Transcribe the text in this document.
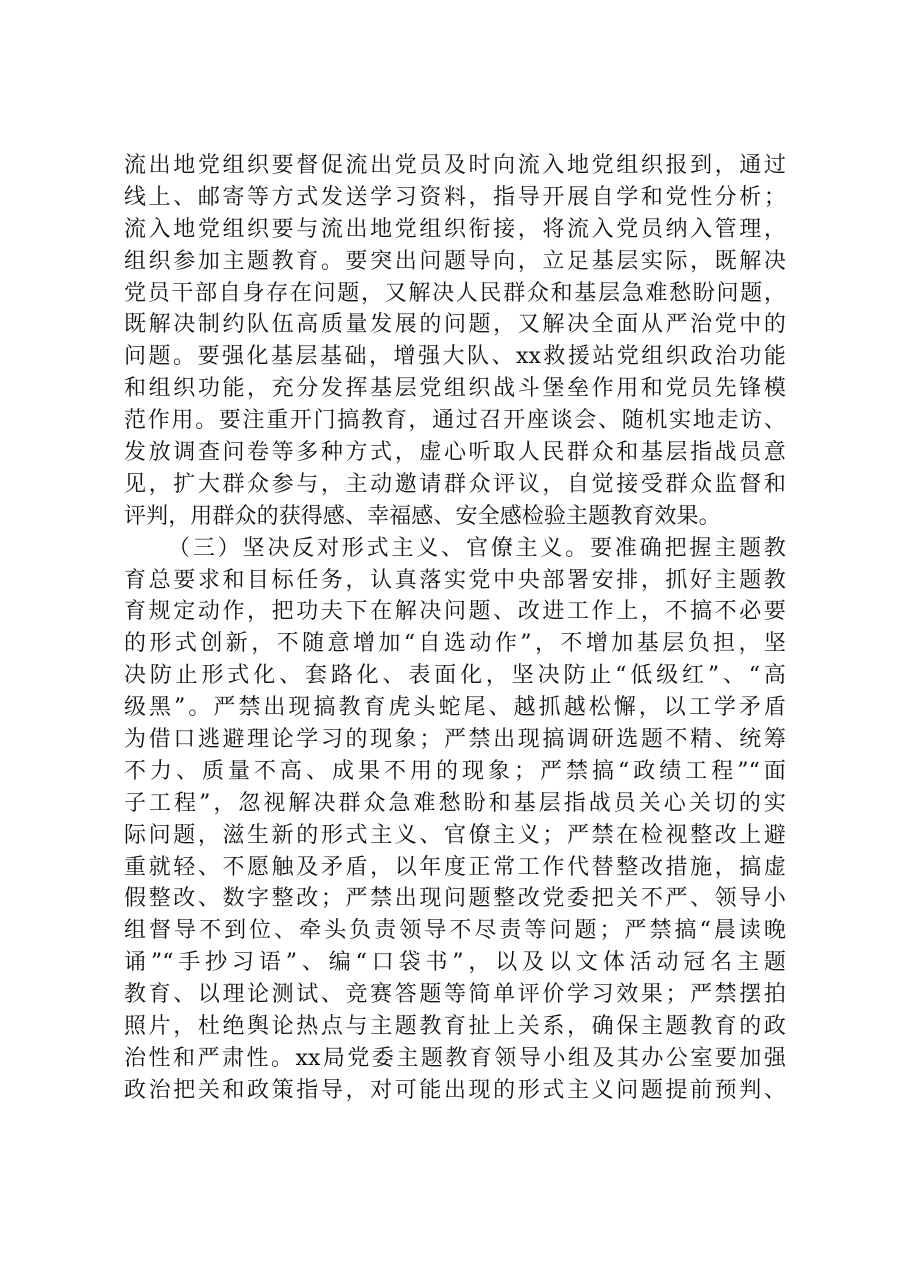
流出地党组织要督促流出党员及时向流入地党组织报到，通过
线上、邮寄等方式发送学习资料，指导开展自学和党性分析；
流入地党组织要与流出地党组织衔接，将流入党员纳入管理，
组织参加主题教育。要突出问题导向，立足基层实际，既解决
党员干部自身存在问题，又解决人民群众和基层急难愁盼问题，
既解决制约队伍高质量发展的问题，又解决全面从严治党中的
问题。要强化基层基础，增强大队、xx救援站党组织政治功能
和组织功能，充分发挥基层党组织战斗堡垒作用和党员先锋模
范作用。要注重开门搞教育，通过召开座谈会、随机实地走访、
发放调查问卷等多种方式，虚心听取人民群众和基层指战员意
见，扩大群众参与，主动邀请群众评议，自觉接受群众监督和
评判，用群众的获得感、幸福感、安全感检验主题教育效果。
（三）坚决反对形式主义、官僚主义。要准确把握主题教
育总要求和目标任务，认真落实党中央部署安排，抓好主题教
育规定动作，把功夫下在解决问题、改进工作上，不搞不必要
的形式创新，不随意增加“自选动作”，不增加基层负担，坚
决防止形式化、套路化、表面化，坚决防止“低级红”、“高
级黑”。严禁出现搞教育虎头蛇尾、越抓越松懈，以工学矛盾
为借口逃避理论学习的现象；严禁出现搞调研选题不精、统筹
不力、质量不高、成果不用的现象；严禁搞“政绩工程”“面
子工程”，忽视解决群众急难愁盼和基层指战员关心关切的实
际问题，滋生新的形式主义、官僚主义；严禁在检视整改上避
重就轻、不愿触及矛盾，以年度正常工作代替整改措施，搞虚
假整改、数字整改；严禁出现问题整改党委把关不严、领导小
组督导不到位、牵头负责领导不尽责等问题；严禁搞“晨读晚
诵”“手抄习语”、编“口袋书”，以及以文体活动冠名主题
教育、以理论测试、竞赛答题等简单评价学习效果；严禁摆拍
照片，杜绝舆论热点与主题教育扯上关系，确保主题教育的政
治性和严肃性。xx局党委主题教育领导小组及其办公室要加强
政治把关和政策指导，对可能出现的形式主义问题提前预判、
